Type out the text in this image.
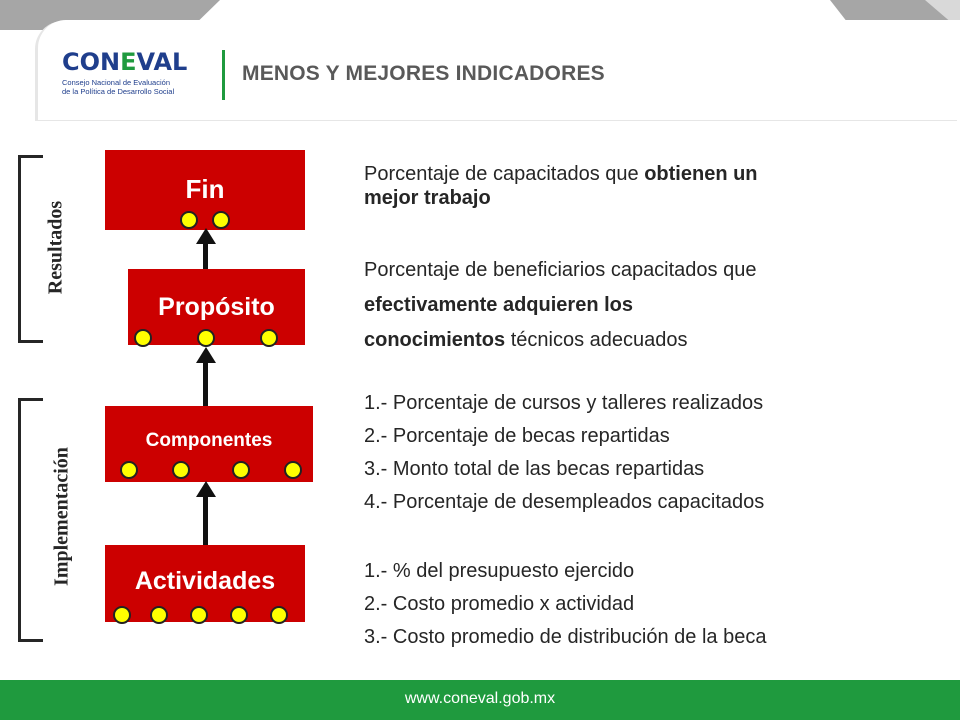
CONEVAL
Consejo Nacional de Evaluación
de la Política de Desarrollo Social
MENOS Y MEJORES INDICADORES
Resultados
Implementación
Fin
Propósito
Componentes
Actividades
Porcentaje de capacitados que obtienen un
mejor trabajo
Porcentaje de beneficiarios capacitados que
efectivamente adquieren los
conocimientos técnicos adecuados
1.- Porcentaje de cursos y talleres realizados
2.- Porcentaje de becas repartidas
3.- Monto total de las becas repartidas
4.- Porcentaje de desempleados capacitados
1.- % del presupuesto ejercido
2.- Costo promedio x actividad
3.- Costo promedio de distribución de la beca
www.coneval.gob.mx
